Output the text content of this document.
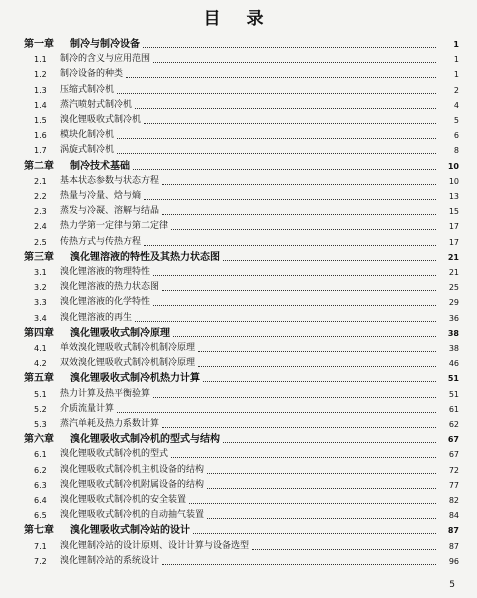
目 录
第一章	制冷与制冷设备	1
1.1	制冷的含义与应用范围	1
1.2	制冷设备的种类	1
1.3	压缩式制冷机	2
1.4	蒸汽喷射式制冷机	4
1.5	溴化锂吸收式制冷机	5
1.6	模块化制冷机	6
1.7	涡旋式制冷机	8
第二章	制冷技术基础	10
2.1	基本状态参数与状态方程	10
2.2	热量与冷量、焓与熵	13
2.3	蒸发与冷凝、溶解与结晶	15
2.4	热力学第一定律与第二定律	17
2.5	传热方式与传热方程	17
第三章	溴化锂溶液的特性及其热力状态图	21
3.1	溴化锂溶液的物理特性	21
3.2	溴化锂溶液的热力状态图	25
3.3	溴化锂溶液的化学特性	29
3.4	溴化锂溶液的再生	36
第四章	溴化锂吸收式制冷原理	38
4.1	单效溴化锂吸收式制冷机制冷原理	38
4.2	双效溴化锂吸收式制冷机制冷原理	46
第五章	溴化锂吸收式制冷机热力计算	51
5.1	热力计算及热平衡验算	51
5.2	介质流量计算	61
5.3	蒸汽单耗及热力系数计算	62
第六章	溴化锂吸收式制冷机的型式与结构	67
6.1	溴化锂吸收式制冷机的型式	67
6.2	溴化锂吸收式制冷机主机设备的结构	72
6.3	溴化锂吸收式制冷机附属设备的结构	77
6.4	溴化锂吸收式制冷机的安全装置	82
6.5	溴化锂吸收式制冷机的自动抽气装置	84
第七章	溴化锂吸收式制冷站的设计	87
7.1	溴化锂制冷站的设计原则、设计计算与设备选型	87
7.2	溴化锂制冷站的系统设计	96
5
